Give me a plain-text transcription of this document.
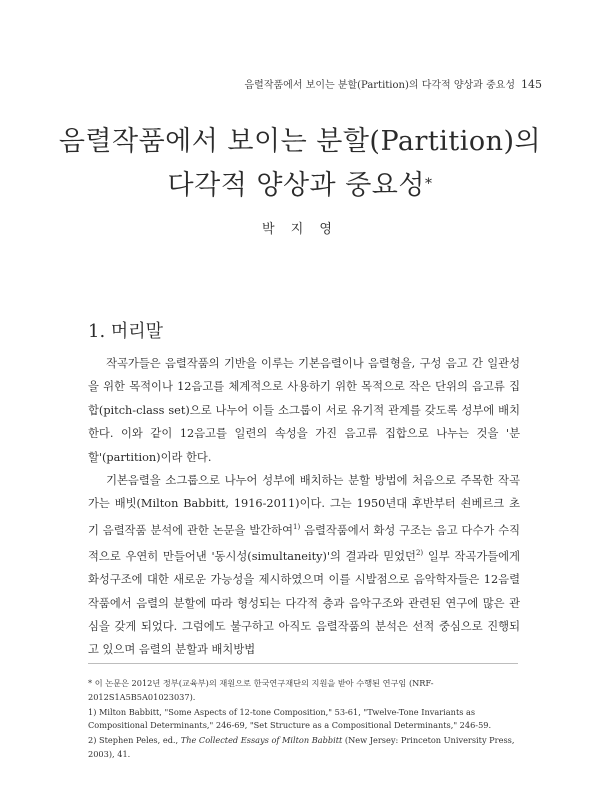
음렬작품에서 보이는 분할(Partition)의 다각적 양상과 중요성 145
음렬작품에서 보이는 분할(Partition)의
다각적 양상과 중요성*
박 지 영
1. 머리말

작곡가들은 음렬작품의 기반을 이루는 기본음렬이나 음렬형을, 구성 음고 간 일관성을 위한 목적이나 12음고를 체계적으로 사용하기 위한 목적으로 작은 단위의 음고류 집합(pitch-class set)으로 나누어 이들 소그룹이 서로 유기적 관계를 갖도록 성부에 배치한다. 이와 같이 12음고를 일련의 속성을 가진 음고류 집합으로 나누는 것을 '분할'(partition)이라 한다.

기본음렬을 소그룹으로 나누어 성부에 배치하는 분할 방법에 처음으로 주목한 작곡가는 배빗(Milton Babbitt, 1916-2011)이다. 그는 1950년대 후반부터 쇤베르크 초기 음렬작품 분석에 관한 논문을 발간하여$^{1)}$ 음렬작품에서 화성 구조는 음고 다수가 수직적으로 우연히 만들어낸 '동시성(simultaneity)'의 결과라 믿었던$^{2)}$ 일부 작곡가들에게 화성구조에 대한 새로운 가능성을 제시하였으며 이를 시발점으로 음악학자들은 12음렬 작품에서 음렬의 분할에 따라 형성되는 다각적 층과 음악구조와 관련된 연구에 많은 관심을 갖게 되었다. 그럼에도 불구하고 아직도 음렬작품의 분석은 선적 중심으로 진행되고 있으며 음렬의 분할과 배치방법

* 이 논문은 2012년 정부(교육부)의 재원으로 한국연구재단의 지원을 받아 수행된 연구임 (NRF-2012S1A5B5A01023037).
1) Milton Babbitt, "Some Aspects of 12-tone Composition," 53-61, "Twelve-Tone Invariants as Compositional Determinants," 246-69, "Set Structure as a Compositional Determinants," 246-59.
2) Stephen Peles, ed., The Collected Essays of Milton Babbitt (New Jersey: Princeton University Press, 2003), 41.
